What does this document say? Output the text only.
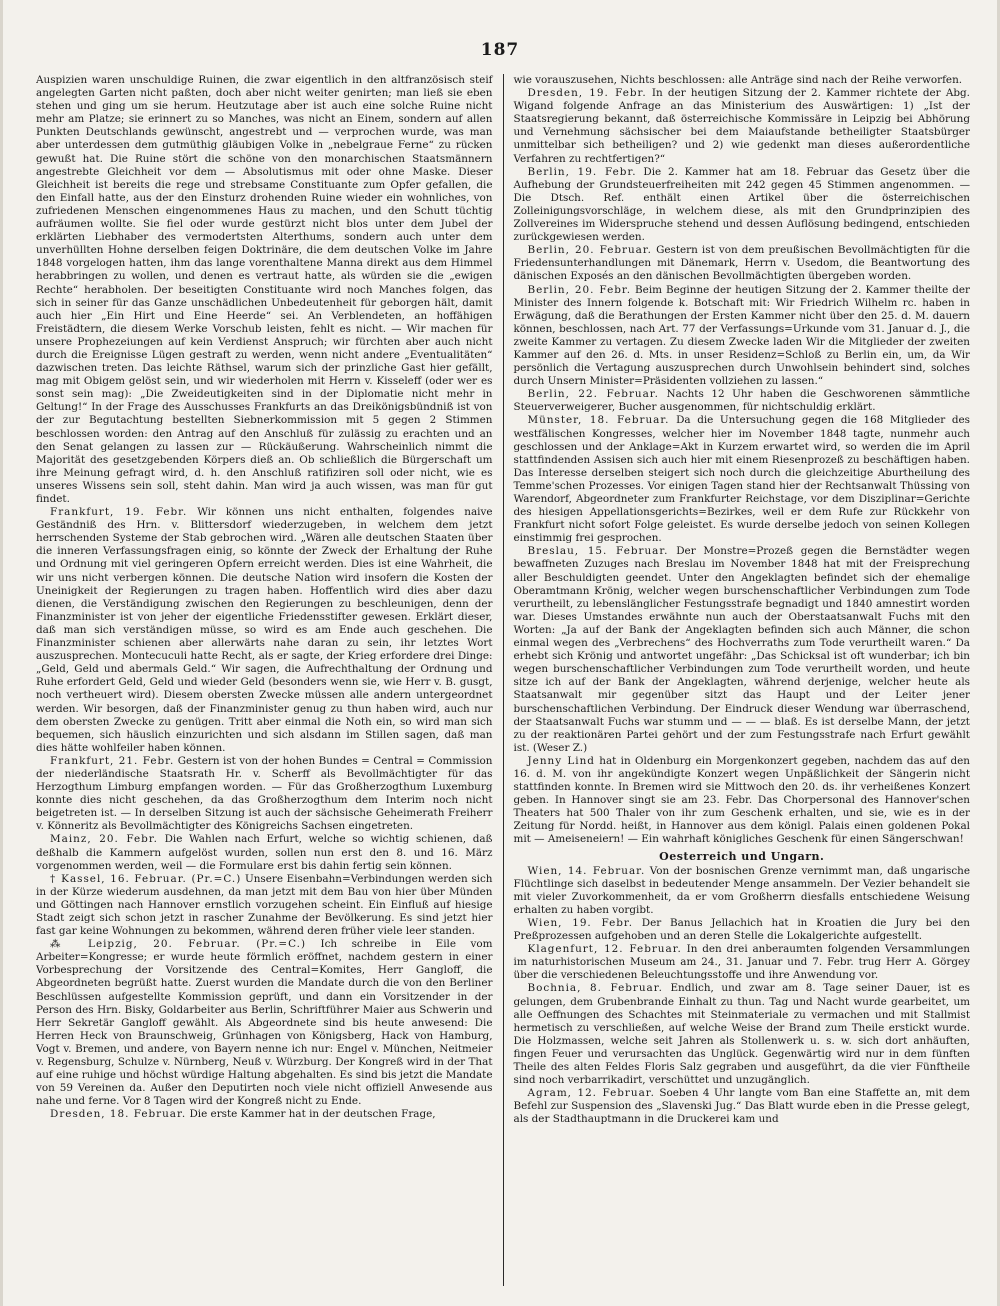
187

Auspizien waren unschuldige Ruinen, die zwar eigentlich in den altfranzösisch steif angelegten Garten nicht paßten, doch aber nicht weiter genirten; man ließ sie eben stehen und ging um sie herum. Heutzutage aber ist auch eine solche Ruine nicht mehr am Platze; sie erinnert zu so Manches, was nicht an Einem, sondern auf allen Punkten Deutschlands gewünscht, angestrebt und — verprochen wurde, was man aber unterdessen dem gutmüthig gläubigen Volke in „nebelgraue Ferne“ zu rücken gewußt hat. Die Ruine stört die schöne von den monarchischen Staatsmännern angestrebte Gleichheit vor dem — Absolutismus mit oder ohne Maske. Dieser Gleichheit ist bereits die rege und strebsame Constituante zum Opfer gefallen, die den Einfall hatte, aus der den Einsturz drohenden Ruine wieder ein wohnliches, von zufriedenen Menschen eingenommenes Haus zu machen, und den Schutt tüchtig aufräumen wollte. Sie fiel oder wurde gestürzt nicht blos unter dem Jubel der erklärten Liebhaber des vermodertsten Alterthums, sondern auch unter dem unverhüllten Hohne derselben feigen Doktrinäre, die dem deutschen Volke im Jahre 1848 vorgelogen hatten, ihm das lange vorenthaltene Manna direkt aus dem Himmel herabbringen zu wollen, und denen es vertraut hatte, als würden sie die „ewigen Rechte“ herabholen. Der beseitigten Constituante wird noch Manches folgen, das sich in seiner für das Ganze unschädlichen Unbedeutenheit für geborgen hält, damit auch hier „Ein Hirt und Eine Heerde“ sei. An Verblendeten, an hoffähigen Freistädtern, die diesem Werke Vorschub leisten, fehlt es nicht. — Wir machen für unsere Prophezeiungen auf kein Verdienst Anspruch; wir fürchten aber auch nicht durch die Ereignisse Lügen gestraft zu werden, wenn nicht andere „Eventualitäten“ dazwischen treten. Das leichte Räthsel, warum sich der prinzliche Gast hier gefällt, mag mit Obigem gelöst sein, und wir wiederholen mit Herrn v. Kisseleff (oder wer es sonst sein mag): „Die Zweideutigkeiten sind in der Diplomatie nicht mehr in Geltung!“ In der Frage des Ausschusses Frankfurts an das Dreikönigsbündniß ist von der zur Begutachtung bestellten Siebnerkommission mit 5 gegen 2 Stimmen beschlossen worden: den Antrag auf den Anschluß für zulässig zu erachten und an den Senat gelangen zu lassen zur — Rückäußerung. Wahrscheinlich nimmt die Majorität des gesetzgebenden Körpers dieß an. Ob schließlich die Bürgerschaft um ihre Meinung gefragt wird, d. h. den Anschluß ratifiziren soll oder nicht, wie es unseres Wissens sein soll, steht dahin. Man wird ja auch wissen, was man für gut findet.

Frankfurt, 19. Febr. Wir können uns nicht enthalten, folgendes naive Geständniß des Hrn. v. Blittersdorf wiederzugeben, in welchem dem jetzt herrschenden Systeme der Stab gebrochen wird. „Wären alle deutschen Staaten über die inneren Verfassungsfragen einig, so könnte der Zweck der Erhaltung der Ruhe und Ordnung mit viel geringeren Opfern erreicht werden. Dies ist eine Wahrheit, die wir uns nicht verbergen können. Die deutsche Nation wird insofern die Kosten der Uneinigkeit der Regierungen zu tragen haben. Hoffentlich wird dies aber dazu dienen, die Verständigung zwischen den Regierungen zu beschleunigen, denn der Finanzminister ist von jeher der eigentliche Friedensstifter gewesen. Erklärt dieser, daß man sich verständigen müsse, so wird es am Ende auch geschehen. Die Finanzminister schienen aber allerwärts nahe daran zu sein, ihr letztes Wort auszusprechen. Montecuculi hatte Recht, als er sagte, der Krieg erfordere drei Dinge: „Geld, Geld und abermals Geld.“ Wir sagen, die Aufrechthaltung der Ordnung und Ruhe erfordert Geld, Geld und wieder Geld (besonders wenn sie, wie Herr v. B. gusgt, noch vertheuert wird). Diesem obersten Zwecke müssen alle andern untergeordnet werden. Wir besorgen, daß der Finanzminister genug zu thun haben wird, auch nur dem obersten Zwecke zu genügen. Tritt aber einmal die Noth ein, so wird man sich bequemen, sich häuslich einzurichten und sich alsdann im Stillen sagen, daß man dies hätte wohlfeiler haben können.

Frankfurt, 21. Febr. Gestern ist von der hohen Bundes = Central = Commission der niederländische Staatsrath Hr. v. Scherff als Bevollmächtigter für das Herzogthum Limburg empfangen worden. — Für das Großherzogthum Luxemburg konnte dies nicht geschehen, da das Großherzogthum dem Interim noch nicht beigetreten ist. — In derselben Sitzung ist auch der sächsische Geheimerath Freiherr v. Könneritz als Bevollmächtigter des Königreichs Sachsen eingetreten.

Mainz, 20. Febr. Die Wahlen nach Erfurt, welche so wichtig schienen, daß deßhalb die Kammern aufgelöst wurden, sollen nun erst den 8. und 16. März vorgenommen werden, weil — die Formulare erst bis dahin fertig sein können.

† Kassel, 16. Februar. (Pr.=C.) Unsere Eisenbahn=Verbindungen werden sich in der Kürze wiederum ausdehnen, da man jetzt mit dem Bau von hier über Münden und Göttingen nach Hannover ernstlich vorzugehen scheint. Ein Einfluß auf hiesige Stadt zeigt sich schon jetzt in rascher Zunahme der Bevölkerung. Es sind jetzt hier fast gar keine Wohnungen zu bekommen, während deren früher viele leer standen.

⁂ Leipzig, 20. Februar. (Pr.=C.) Ich schreibe in Eile vom Arbeiter=Kongresse; er wurde heute förmlich eröffnet, nachdem gestern in einer Vorbesprechung der Vorsitzende des Central=Komites, Herr Gangloff, die Abgeordneten begrüßt hatte. Zuerst wurden die Mandate durch die von den Berliner Beschlüssen aufgestellte Kommission geprüft, und dann ein Vorsitzender in der Person des Hrn. Bisky, Goldarbeiter aus Berlin, Schriftführer Maier aus Schwerin und Herr Sekretär Gangloff gewählt. Als Abgeordnete sind bis heute anwesend: Die Herren Heck von Braunschweig, Grünhagen von Königsberg, Hack von Hamburg, Vogt v. Bremen, und andere, von Bayern nenne ich nur: Engel v. München, Neitmeier v. Regensburg, Schulze v. Nürnberg, Neuß v. Würzburg. Der Kongreß wird in der That auf eine ruhige und höchst würdige Haltung abgehalten. Es sind bis jetzt die Mandate von 59 Vereinen da. Außer den Deputirten noch viele nicht offiziell Anwesende aus nahe und ferne. Vor 8 Tagen wird der Kongreß nicht zu Ende.

Dresden, 18. Februar. Die erste Kammer hat in der deutschen Frage,

wie vorauszusehen, Nichts beschlossen: alle Anträge sind nach der Reihe verworfen.

Dresden, 19. Febr. In der heutigen Sitzung der 2. Kammer richtete der Abg. Wigand folgende Anfrage an das Ministerium des Auswärtigen: 1) „Ist der Staatsregierung bekannt, daß österreichische Kommissäre in Leipzig bei Abhörung und Vernehmung sächsischer bei dem Maiaufstande betheiligter Staatsbürger unmittelbar sich betheiligen? und 2) wie gedenkt man dieses außerordentliche Verfahren zu rechtfertigen?“

Berlin, 19. Febr. Die 2. Kammer hat am 18. Februar das Gesetz über die Aufhebung der Grundsteuerfreiheiten mit 242 gegen 45 Stimmen angenommen. — Die Dtsch. Ref. enthält einen Artikel über die österreichischen Zolleinigungsvorschläge, in welchem diese, als mit den Grundprinzipien des Zollvereines im Widerspruche stehend und dessen Auflösung bedingend, entschieden zurückgewiesen werden.

Berlin, 20. Februar. Gestern ist von dem preußischen Bevollmächtigten für die Friedensunterhandlungen mit Dänemark, Herrn v. Usedom, die Beantwortung des dänischen Exposés an den dänischen Bevollmächtigten übergeben worden.

Berlin, 20. Febr. Beim Beginne der heutigen Sitzung der 2. Kammer theilte der Minister des Innern folgende k. Botschaft mit: Wir Friedrich Wilhelm rc. haben in Erwägung, daß die Berathungen der Ersten Kammer nicht über den 25. d. M. dauern können, beschlossen, nach Art. 77 der Verfassungs=Urkunde vom 31. Januar d. J., die zweite Kammer zu vertagen. Zu diesem Zwecke laden Wir die Mitglieder der zweiten Kammer auf den 26. d. Mts. in unser Residenz=Schloß zu Berlin ein, um, da Wir persönlich die Vertagung auszusprechen durch Unwohlsein behindert sind, solches durch Unsern Minister=Präsidenten vollziehen zu lassen.“

Berlin, 22. Februar. Nachts 12 Uhr haben die Geschworenen sämmtliche Steuerverweigerer, Bucher ausgenommen, für nichtschuldig erklärt.

Münster, 18. Februar. Da die Untersuchung gegen die 168 Mitglieder des westfälischen Kongresses, welcher hier im November 1848 tagte, nunmehr auch geschlossen und der Anklage=Akt in Kurzem erwartet wird, so werden die im April stattfindenden Assisen sich auch hier mit einem Riesenprozeß zu beschäftigen haben. Das Interesse derselben steigert sich noch durch die gleichzeitige Aburtheilung des Temme'schen Prozesses. Vor einigen Tagen stand hier der Rechtsanwalt Thüssing von Warendorf, Abgeordneter zum Frankfurter Reichstage, vor dem Disziplinar=Gerichte des hiesigen Appellationsgerichts=Bezirkes, weil er dem Rufe zur Rückkehr von Frankfurt nicht sofort Folge geleistet. Es wurde derselbe jedoch von seinen Kollegen einstimmig frei gesprochen.

Breslau, 15. Februar. Der Monstre=Prozeß gegen die Bernstädter wegen bewaffneten Zuzuges nach Breslau im November 1848 hat mit der Freisprechung aller Beschuldigten geendet. Unter den Angeklagten befindet sich der ehemalige Oberamtmann Krönig, welcher wegen burschenschaftlicher Verbindungen zum Tode verurtheilt, zu lebenslänglicher Festungsstrafe begnadigt und 1840 amnestirt worden war. Dieses Umstandes erwähnte nun auch der Oberstaatsanwalt Fuchs mit den Worten: „Ja auf der Bank der Angeklagten befinden sich auch Männer, die schon einmal wegen des „Verbrechens“ des Hochverraths zum Tode verurtheilt waren.“ Da erhebt sich Krönig und antwortet ungefähr: „Das Schicksal ist oft wunderbar; ich bin wegen burschenschaftlicher Verbindungen zum Tode verurtheilt worden, und heute sitze ich auf der Bank der Angeklagten, während derjenige, welcher heute als Staatsanwalt mir gegenüber sitzt das Haupt und der Leiter jener burschenschaftlichen Verbindung. Der Eindruck dieser Wendung war überraschend, der Staatsanwalt Fuchs war stumm und — — — blaß. Es ist derselbe Mann, der jetzt zu der reaktionären Partei gehört und der zum Festungsstrafe nach Erfurt gewählt ist. (Weser Z.)

Jenny Lind hat in Oldenburg ein Morgenkonzert gegeben, nachdem das auf den 16. d. M. von ihr angekündigte Konzert wegen Unpäßlichkeit der Sängerin nicht stattfinden konnte. In Bremen wird sie Mittwoch den 20. ds. ihr verheißenes Konzert geben. In Hannover singt sie am 23. Febr. Das Chorpersonal des Hannover'schen Theaters hat 500 Thaler von ihr zum Geschenk erhalten, und sie, wie es in der Zeitung für Nordd. heißt, in Hannover aus dem königl. Palais einen goldenen Pokal mit — Ameiseneiern! — Ein wahrhaft königliches Geschenk für einen Sängerschwan!

Oesterreich und Ungarn.

Wien, 14. Februar. Von der bosnischen Grenze vernimmt man, daß ungarische Flüchtlinge sich daselbst in bedeutender Menge ansammeln. Der Vezier behandelt sie mit vieler Zuvorkommenheit, da er vom Großherrn diesfalls entschiedene Weisung erhalten zu haben vorgibt.

Wien, 19. Febr. Der Banus Jellachich hat in Kroatien die Jury bei den Preßprozessen aufgehoben und an deren Stelle die Lokalgerichte aufgestellt.

Klagenfurt, 12. Februar. In den drei anberaumten folgenden Versammlungen im naturhistorischen Museum am 24., 31. Januar und 7. Febr. trug Herr A. Görgey über die verschiedenen Beleuchtungsstoffe und ihre Anwendung vor.

Bochnia, 8. Februar. Endlich, und zwar am 8. Tage seiner Dauer, ist es gelungen, dem Grubenbrande Einhalt zu thun. Tag und Nacht wurde gearbeitet, um alle Oeffnungen des Schachtes mit Steinmateriale zu vermachen und mit Stallmist hermetisch zu verschließen, auf welche Weise der Brand zum Theile erstickt wurde. Die Holzmassen, welche seit Jahren als Stollenwerk u. s. w. sich dort anhäuften, fingen Feuer und verursachten das Unglück. Gegenwärtig wird nur in dem fünften Theile des alten Feldes Floris Salz gegraben und ausgeführt, da die vier Fünftheile sind noch verbarrikadirt, verschüttet und unzugänglich.

Agram, 12. Februar. Soeben 4 Uhr langte vom Ban eine Staffette an, mit dem Befehl zur Suspension des „Slavenski Jug.“ Das Blatt wurde eben in die Presse gelegt, als der Stadthauptmann in die Druckerei kam und
